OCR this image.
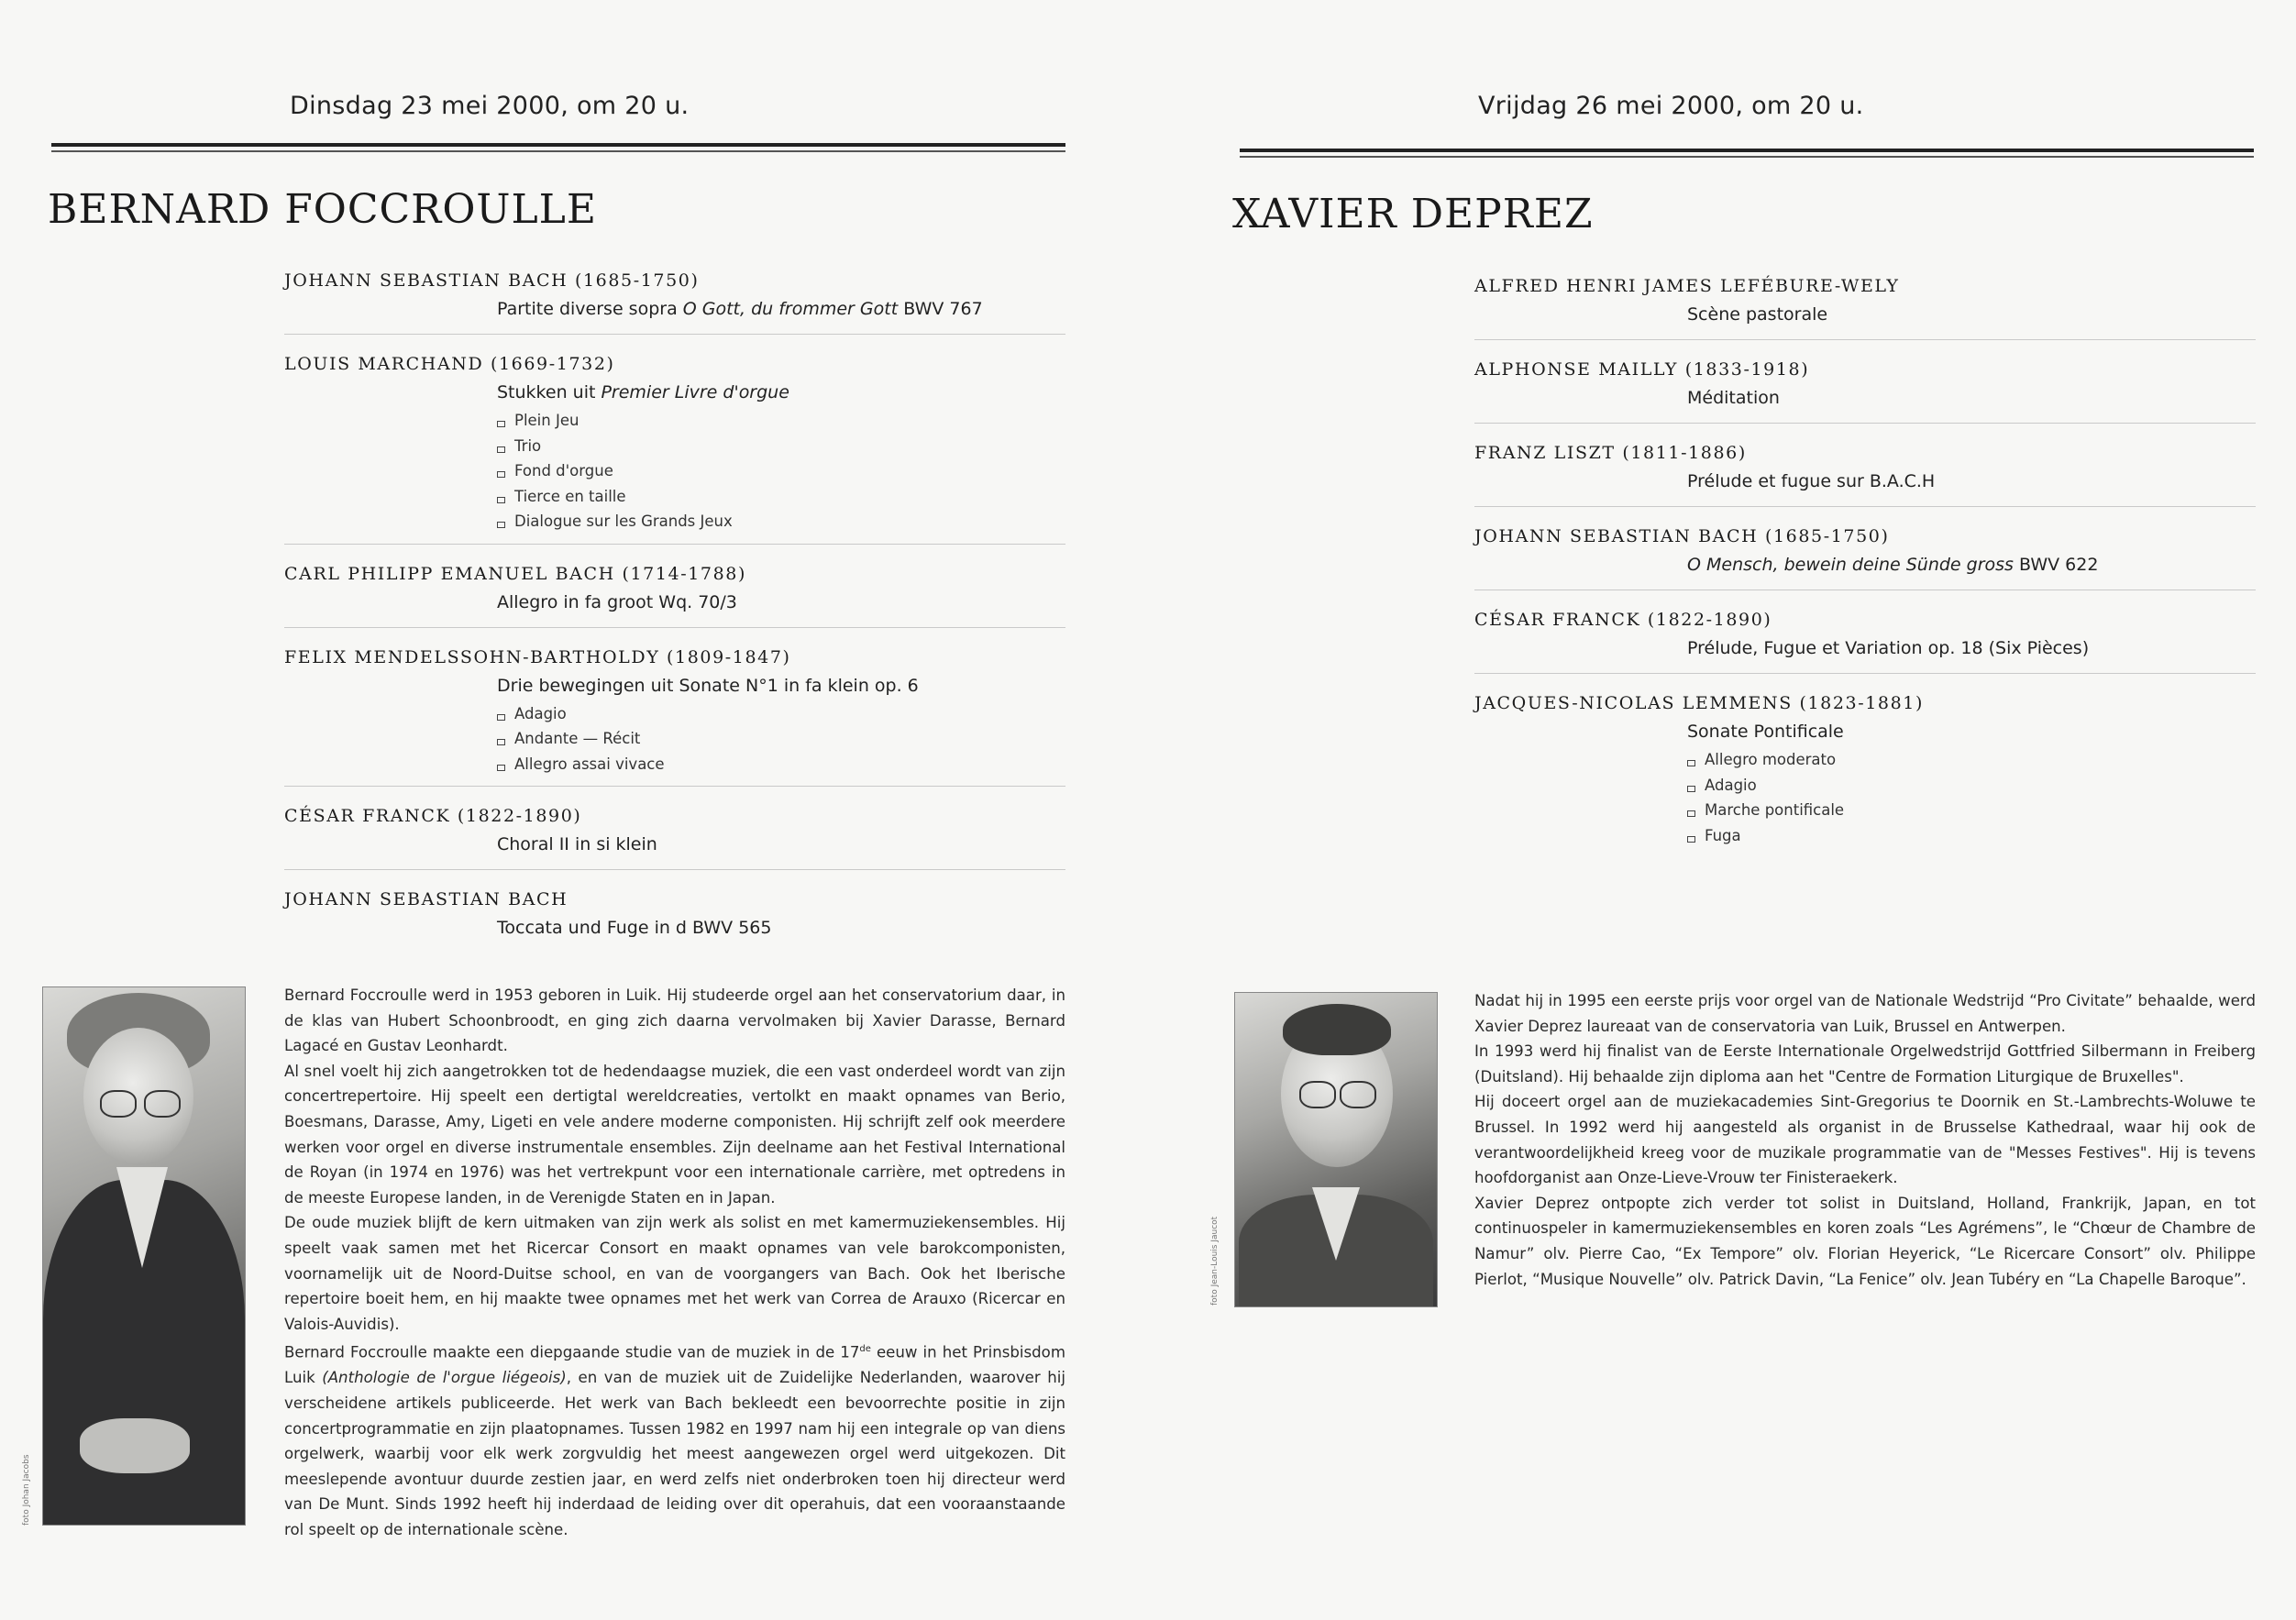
Dinsdag 23 mei 2000, om 20 u.
BERNARD FOCCROULLE
JOHANN SEBASTIAN BACH (1685-1750)
Partite diverse sopra O Gott, du frommer Gott BWV 767
LOUIS MARCHAND (1669-1732)
Stukken uit Premier Livre d'orgue
Plein Jeu
Trio
Fond d'orgue
Tierce en taille
Dialogue sur les Grands Jeux
CARL PHILIPP EMANUEL BACH (1714-1788)
Allegro in fa groot Wq. 70/3
FELIX MENDELSSOHN-BARTHOLDY (1809-1847)
Drie bewegingen uit Sonate N°1 in fa klein op. 6
Adagio
Andante — Récit
Allegro assai vivace
CÉSAR FRANCK (1822-1890)
Choral II in si klein
JOHANN SEBASTIAN BACH
Toccata und Fuge in d BWV 565
foto Johan Jacobs

Bernard Foccroulle werd in 1953 geboren in Luik. Hij studeerde orgel aan het conservatorium daar, in de klas van Hubert Schoonbroodt, en ging zich daarna vervolmaken bij Xavier Darasse, Bernard Lagacé en Gustav Leonhardt.

Al snel voelt hij zich aangetrokken tot de hedendaagse muziek, die een vast onderdeel wordt van zijn concertrepertoire. Hij speelt een dertigtal wereldcreaties, vertolkt en maakt opnames van Berio, Boesmans, Darasse, Amy, Ligeti en vele andere moderne componisten. Hij schrijft zelf ook meerdere werken voor orgel en diverse instrumentale ensembles. Zijn deelname aan het Festival International de Royan (in 1974 en 1976) was het vertrekpunt voor een internationale carrière, met optredens in de meeste Europese landen, in de Verenigde Staten en in Japan.

De oude muziek blijft de kern uitmaken van zijn werk als solist en met kamermuziekensembles. Hij speelt vaak samen met het Ricercar Consort en maakt opnames van vele barokcomponisten, voornamelijk uit de Noord-Duitse school, en van de voorgangers van Bach. Ook het Iberische repertoire boeit hem, en hij maakte twee opnames met het werk van Correa de Arauxo (Ricercar en Valois-Auvidis).

Bernard Foccroulle maakte een diepgaande studie van de muziek in de 17de eeuw in het Prinsbisdom Luik (Anthologie de l'orgue liégeois), en van de muziek uit de Zuidelijke Nederlanden, waarover hij verscheidene artikels publiceerde. Het werk van Bach bekleedt een bevoorrechte positie in zijn concertprogrammatie en zijn plaatopnames. Tussen 1982 en 1997 nam hij een integrale op van diens orgelwerk, waarbij voor elk werk zorgvuldig het meest aangewezen orgel werd uitgekozen. Dit meeslepende avontuur duurde zestien jaar, en werd zelfs niet onderbroken toen hij directeur werd van De Munt. Sinds 1992 heeft hij inderdaad de leiding over dit operahuis, dat een vooraanstaande rol speelt op de internationale scène.

Vrijdag 26 mei 2000, om 20 u.
XAVIER DEPREZ
ALFRED HENRI JAMES LEFÉBURE-WELY
Scène pastorale
ALPHONSE MAILLY (1833-1918)
Méditation
FRANZ LISZT (1811-1886)
Prélude et fugue sur B.A.C.H
JOHANN SEBASTIAN BACH (1685-1750)
O Mensch, bewein deine Sünde gross BWV 622
CÉSAR FRANCK (1822-1890)
Prélude, Fugue et Variation op. 18 (Six Pièces)
JACQUES-NICOLAS LEMMENS (1823-1881)
Sonate Pontificale
Allegro moderato
Adagio
Marche pontificale
Fuga
foto Jean-Louis Jaucot

Nadat hij in 1995 een eerste prijs voor orgel van de Nationale Wedstrijd “Pro Civitate” behaalde, werd Xavier Deprez laureaat van de conservatoria van Luik, Brussel en Antwerpen.

In 1993 werd hij finalist van de Eerste Internationale Orgelwedstrijd Gottfried Silbermann in Freiberg (Duitsland). Hij behaalde zijn diploma aan het "Centre de Formation Liturgique de Bruxelles".

Hij doceert orgel aan de muziekacademies Sint-Gregorius te Doornik en St.-Lambrechts-Woluwe te Brussel. In 1992 werd hij aangesteld als organist in de Brusselse Kathedraal, waar hij ook de verantwoordelijkheid kreeg voor de muzikale programmatie van de "Messes Festives". Hij is tevens hoofdorganist aan Onze-Lieve-Vrouw ter Finisteraekerk.

Xavier Deprez ontpopte zich verder tot solist in Duitsland, Holland, Frankrijk, Japan, en tot continuospeler in kamermuziekensembles en koren zoals “Les Agrémens”, le “Chœur de Chambre de Namur” olv. Pierre Cao, “Ex Tempore” olv. Florian Heyerick, “Le Ricercare Consort” olv. Philippe Pierlot, “Musique Nouvelle” olv. Patrick Davin, “La Fenice” olv. Jean Tubéry en “La Chapelle Baroque”.
